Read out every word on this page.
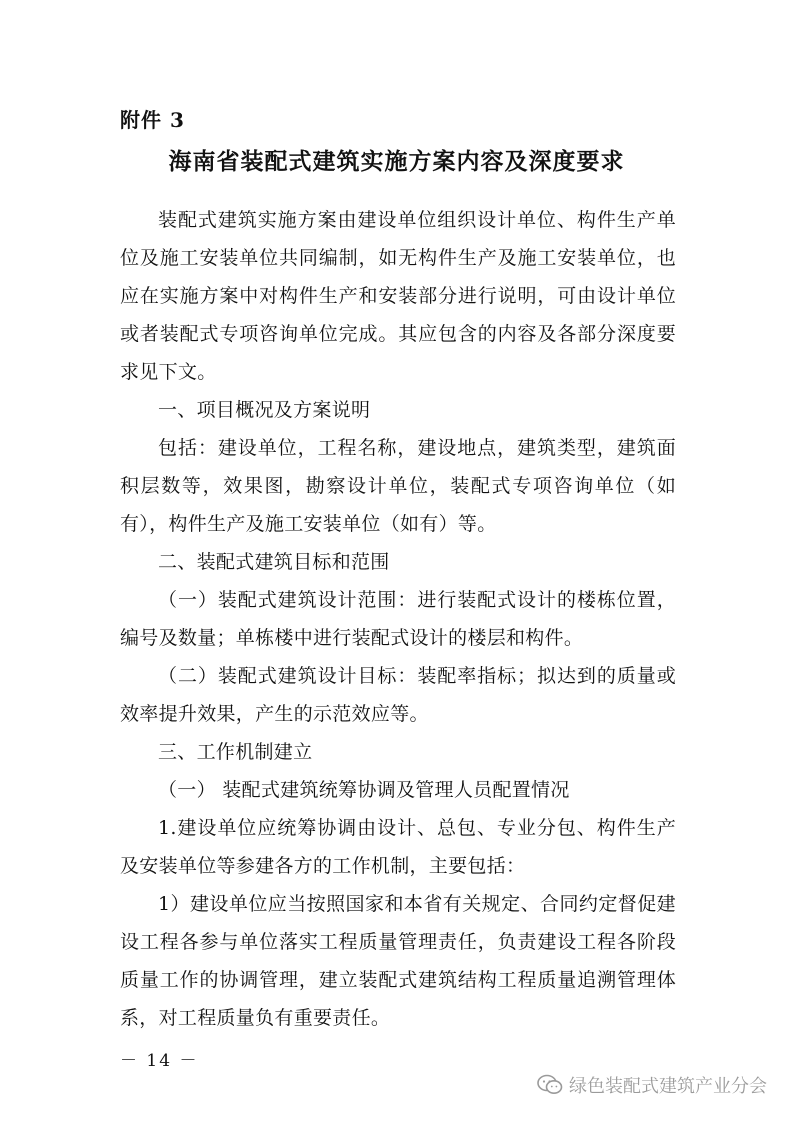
附件 3
海南省装配式建筑实施方案内容及深度要求

装配式建筑实施方案由建设单位组织设计单位、构件生产单位及施工安装单位共同编制，如无构件生产及施工安装单位，也应在实施方案中对构件生产和安装部分进行说明，可由设计单位或者装配式专项咨询单位完成。其应包含的内容及各部分深度要求见下文。

一、项目概况及方案说明

包括：建设单位，工程名称，建设地点，建筑类型，建筑面积层数等，效果图，勘察设计单位，装配式专项咨询单位（如有），构件生产及施工安装单位（如有）等。

二、装配式建筑目标和范围

（一）装配式建筑设计范围：进行装配式设计的楼栋位置，编号及数量；单栋楼中进行装配式设计的楼层和构件。

（二）装配式建筑设计目标：装配率指标；拟达到的质量或效率提升效果，产生的示范效应等。

三、工作机制建立

（一） 装配式建筑统筹协调及管理人员配置情况

1.建设单位应统筹协调由设计、总包、专业分包、构件生产及安装单位等参建各方的工作机制，主要包括：

1）建设单位应当按照国家和本省有关规定、合同约定督促建设工程各参与单位落实工程质量管理责任，负责建设工程各阶段质量工作的协调管理，建立装配式建筑结构工程质量追溯管理体系，对工程质量负有重要责任。

－ 14 －
绿色装配式建筑产业分会
